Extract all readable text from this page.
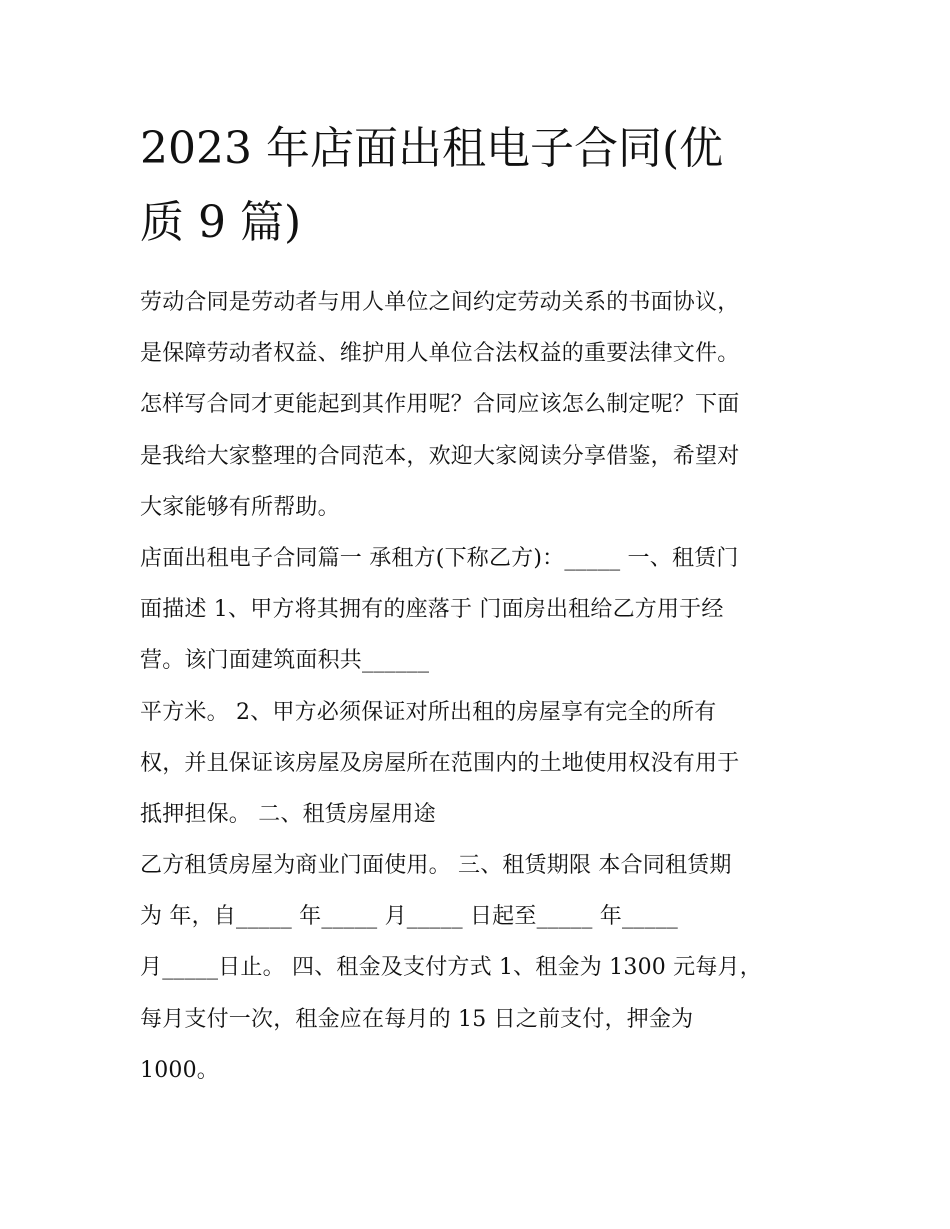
2023 年店面出租电子合同(优
质 9 篇)
劳动合同是劳动者与用人单位之间约定劳动关系的书面协议，
是保障劳动者权益、维护用人单位合法权益的重要法律文件。
怎样写合同才更能起到其作用呢？合同应该怎么制定呢？下面
是我给大家整理的合同范本，欢迎大家阅读分享借鉴，希望对
大家能够有所帮助。
店面出租电子合同篇一 承租方(下称乙方)：_____ 一、租赁门
面描述 1、甲方将其拥有的座落于 门面房出租给乙方用于经
营。该门面建筑面积共______
平方米。 2、甲方必须保证对所出租的房屋享有完全的所有
权，并且保证该房屋及房屋所在范围内的土地使用权没有用于
抵押担保。 二、租赁房屋用途
乙方租赁房屋为商业门面使用。 三、租赁期限 本合同租赁期
为 年，自_____ 年_____ 月_____ 日起至_____ 年_____
月_____日止。 四、租金及支付方式 1、租金为 1300 元每月，
每月支付一次，租金应在每月的 15 日之前支付，押金为
1000。
